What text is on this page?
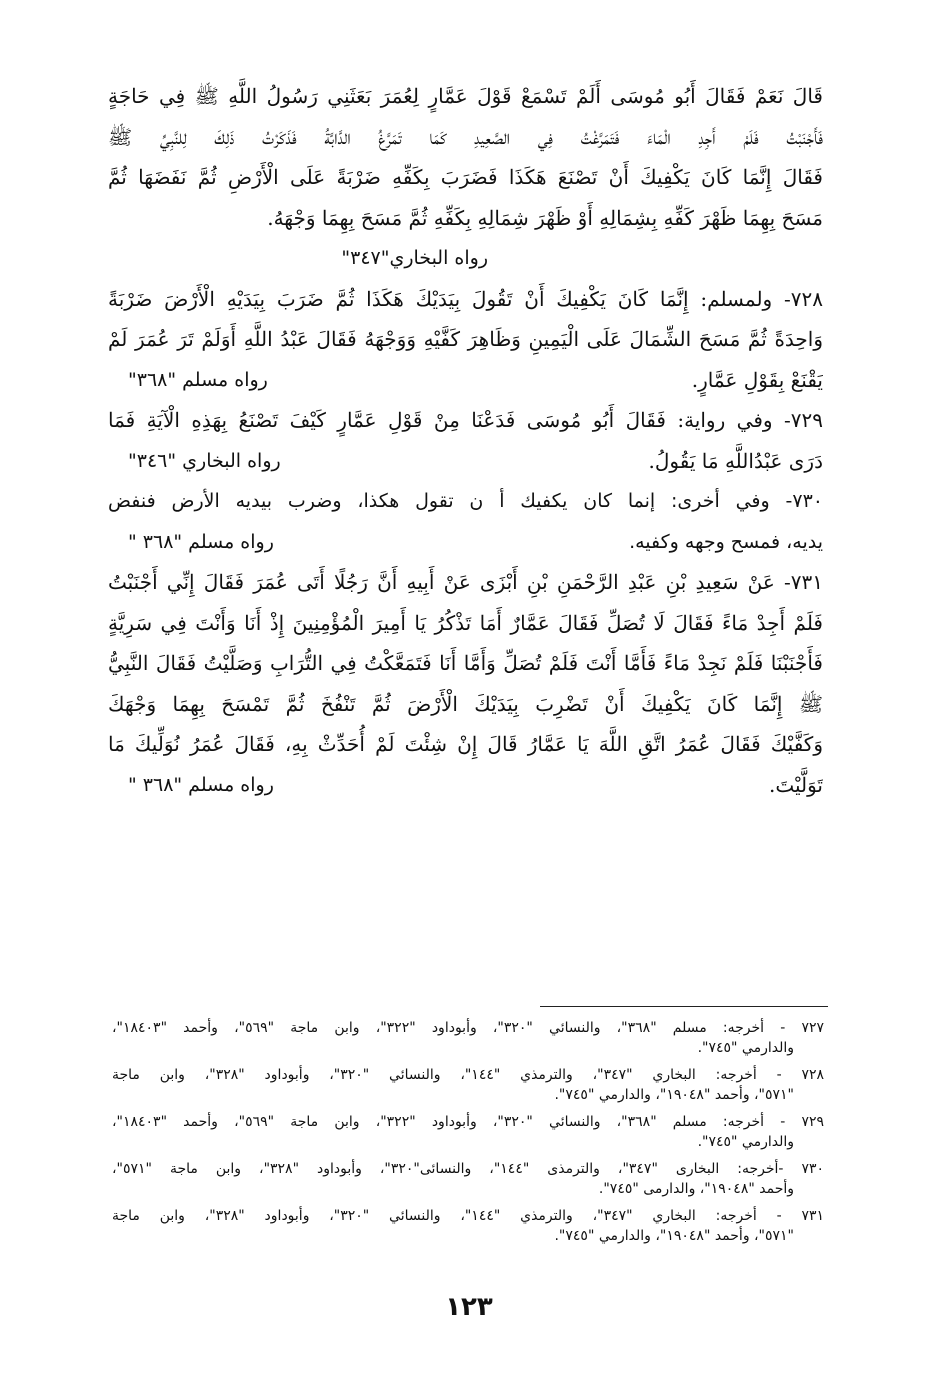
قَالَ نَعَمْ فَقَالَ أَبُو مُوسَى أَلَمْ تَسْمَعْ قَوْلَ عَمَّارٍ لِعُمَرَ بَعَثَنِي رَسُولُ اللَّهِ ﷺ فِي حَاجَةٍ
فَأَجْنَبْتُ فَلَمْ أَجِدِ الْمَاءَ فَتَمَرَّغْتُ فِي الصَّعِيدِ كَمَا تَمَرَّغُ الدَّابَّةُ فَذَكَرْتُ ذَلِكَ لِلنَّبِيِّ ﷺ
فَقَالَ إِنَّمَا كَانَ يَكْفِيكَ أَنْ تَصْنَعَ هَكَذَا فَضَرَبَ بِكَفِّهِ ضَرْبَةً عَلَى الْأَرْضِ ثُمَّ نَفَضَهَا ثُمَّ
مَسَحَ بِهِمَا ظَهْرَ كَفِّهِ بِشِمَالِهِ أَوْ ظَهْرَ شِمَالِهِ بِكَفِّهِ ثُمَّ مَسَحَ بِهِمَا وَجْهَهُ.
رواه البخاري"٣٤٧"
٧٢٨- ولمسلم: إِنَّمَا كَانَ يَكْفِيكَ أَنْ تَقُولَ بِيَدَيْكَ هَكَذَا ثُمَّ ضَرَبَ بِيَدَيْهِ الْأَرْضَ ضَرْبَةً
وَاحِدَةً ثُمَّ مَسَحَ الشِّمَالَ عَلَى الْيَمِينِ وَظَاهِرَ كَفَّيْهِ وَوَجْهَهُ فَقَالَ عَبْدُ اللَّهِ أَوَلَمْ تَرَ عُمَرَ لَمْ
يَقْنَعْ بِقَوْلِ عَمَّارٍ.
رواه مسلم "٣٦٨"
٧٢٩- وفي رواية: فَقَالَ أَبُو مُوسَى فَدَعْنَا مِنْ قَوْلِ عَمَّارٍ كَيْفَ تَصْنَعُ بِهَذِهِ الْآيَةِ فَمَا
دَرَى عَبْدُاللَّهِ مَا يَقُولُ.
رواه البخاري "٣٤٦"
٧٣٠- وفي أخرى: إنما كان يكفيك أ ن تقول هكذا، وضرب بيديه الأرض فنفض
يديه، فمسح وجهه وكفيه.
رواه مسلم "٣٦٨ "
٧٣١- عَنْ سَعِيدِ بْنِ عَبْدِ الرَّحْمَنِ بْنِ أَبْزَى عَنْ أَبِيهِ أَنَّ رَجُلًا أَتَى عُمَرَ فَقَالَ إِنِّي أَجْنَبْتُ
فَلَمْ أَجِدْ مَاءً فَقَالَ لَا تُصَلِّ فَقَالَ عَمَّارٌ أَمَا تَذْكُرُ يَا أَمِيرَ الْمُؤْمِنِينَ إِذْ أَنَا وَأَنْتَ فِي سَرِيَّةٍ
فَأَجْنَبْنَا فَلَمْ نَجِدْ مَاءً فَأَمَّا أَنْتَ فَلَمْ تُصَلِّ وَأَمَّا أَنَا فَتَمَعَّكْتُ فِي التُّرَابِ وَصَلَّيْتُ فَقَالَ النَّبِيُّ
ﷺ إِنَّمَا كَانَ يَكْفِيكَ أَنْ تَضْرِبَ بِيَدَيْكَ الْأَرْضَ ثُمَّ تَنْفُخَ ثُمَّ تَمْسَحَ بِهِمَا وَجْهَكَ
وَكَفَّيْكَ فَقَالَ عُمَرُ اتَّقِ اللَّهَ يَا عَمَّارُ قَالَ إِنْ شِئْتَ لَمْ أُحَدِّثْ بِهِ، فَقَالَ عُمَرُ نُوَلِّيكَ مَا
تَوَلَّيْتَ.
رواه مسلم "٣٦٨ "
٧٢٧ - أخرجه: مسلم "٣٦٨"، والنسائي "٣٢٠"، وأبوداود "٣٢٢"، وابن ماجة "٥٦٩"، وأحمد "١٨٤٠٣"،
والدارمي "٧٤٥".
٧٢٨ - أخرجه: البخاري "٣٤٧"، والترمذي "١٤٤"، والنسائي "٣٢٠"، وأبوداود "٣٢٨"، وابن ماجة
"٥٧١"، وأحمد "١٩٠٤٨"، والدارمي "٧٤٥".
٧٢٩ - أخرجه: مسلم "٣٦٨"، والنسائي "٣٢٠"، وأبوداود "٣٢٢"، وابن ماجة "٥٦٩"، وأحمد "١٨٤٠٣"،
والدارمي "٧٤٥".
٧٣٠ -أخرجه: البخارى "٣٤٧"، والترمذى "١٤٤"، والنسائى"٣٢٠"، وأبوداود "٣٢٨"، وابن ماجة "٥٧١"،
وأحمد "١٩٠٤٨"، والدارمى "٧٤٥".
٧٣١ - أخرجه: البخاري "٣٤٧"، والترمذي "١٤٤"، والنسائي "٣٢٠"، وأبوداود "٣٢٨"، وابن ماجة
"٥٧١"، وأحمد "١٩٠٤٨"، والدارمي "٧٤٥".
١٢٣
